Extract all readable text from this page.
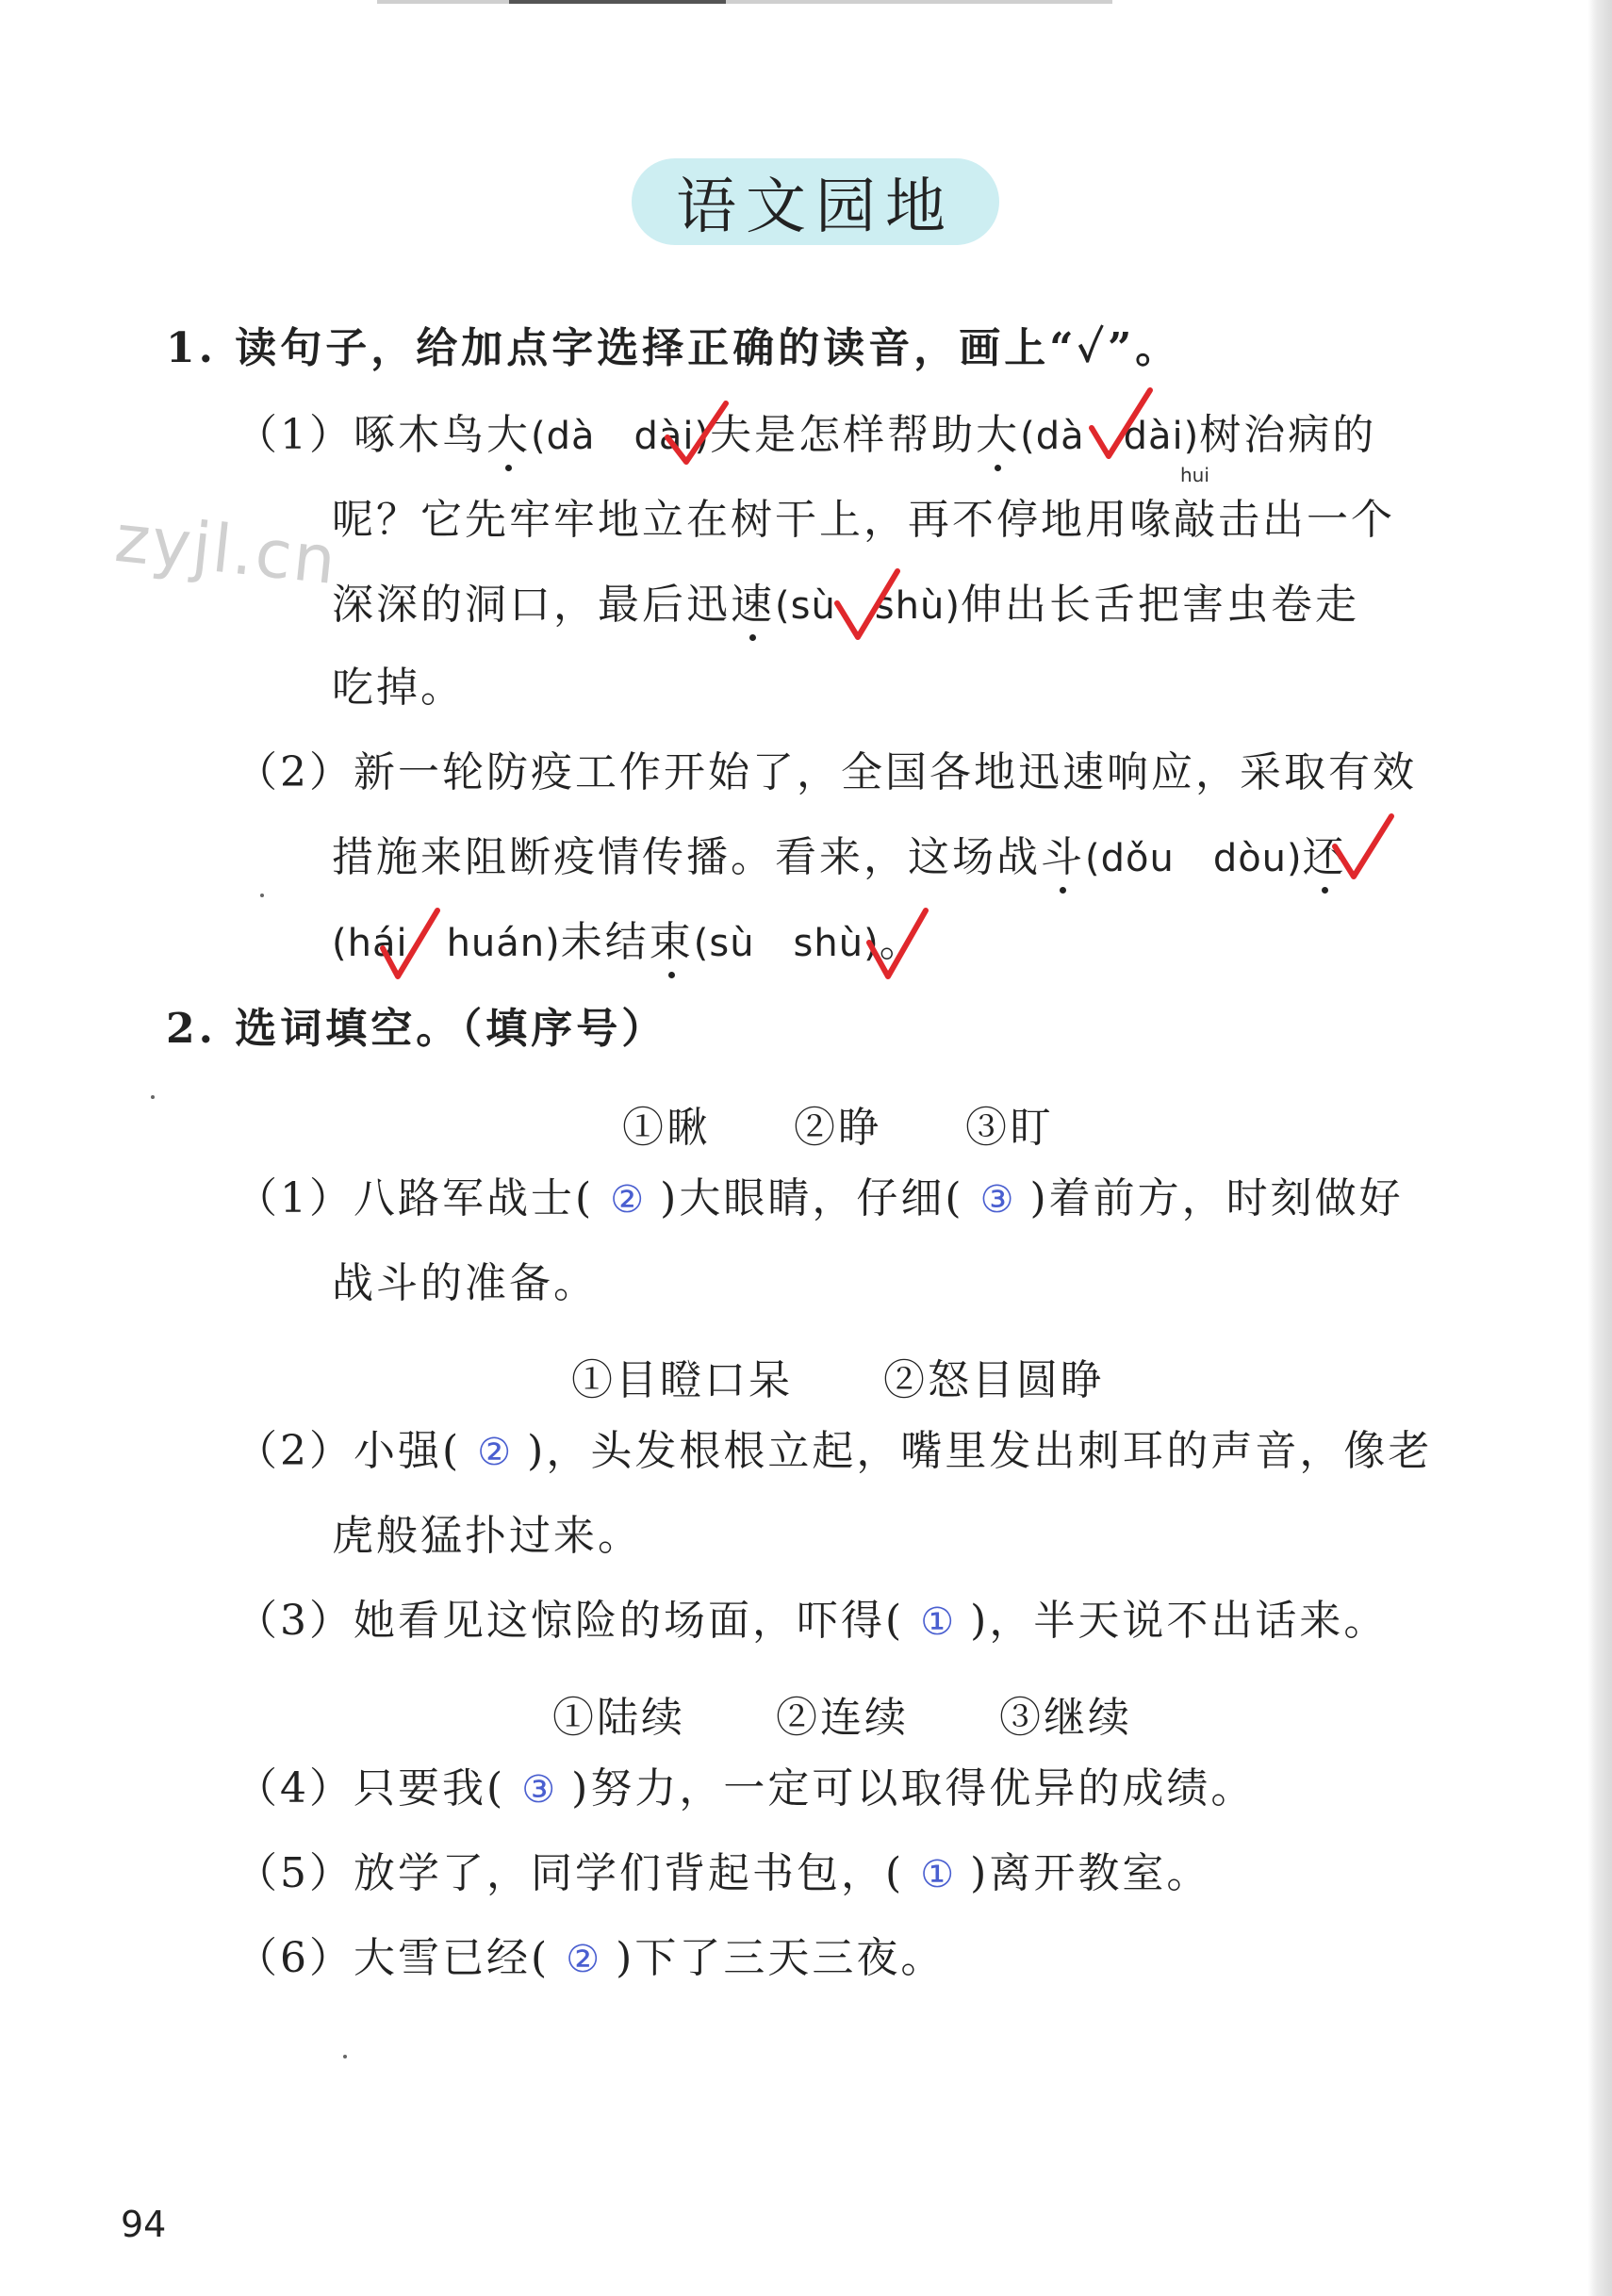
语文园地
zyjl.cn
1. 读句子，给加点字选择正确的读音，画上“✓”。
（1）啄木鸟大(dà　dài)夫是怎样帮助大(dà　dài)树治病的
hui
呢？它先牢牢地立在树干上，再不停地用喙敲击出一个
深深的洞口，最后迅速(sù　shù)伸出长舌把害虫卷走
吃掉。
（2）新一轮防疫工作开始了，全国各地迅速响应，采取有效
措施来阻断疫情传播。看来，这场战斗(dǒu　dòu)还
(hái　huán)未结束(sù　shù)。
2. 选词填空。（填序号）
①瞅 ②睁 ③盯
（1）八路军战士( ② )大眼睛，仔细( ③ )着前方，时刻做好
战斗的准备。
①目瞪口呆 ②怒目圆睁
（2）小强( ② )，头发根根立起，嘴里发出刺耳的声音，像老
虎般猛扑过来。
（3）她看见这惊险的场面，吓得( ① )，半天说不出话来。
①陆续 ②连续 ③继续
（4）只要我( ③ )努力，一定可以取得优异的成绩。
（5）放学了，同学们背起书包，( ① )离开教室。
（6）大雪已经( ② )下了三天三夜。
94
